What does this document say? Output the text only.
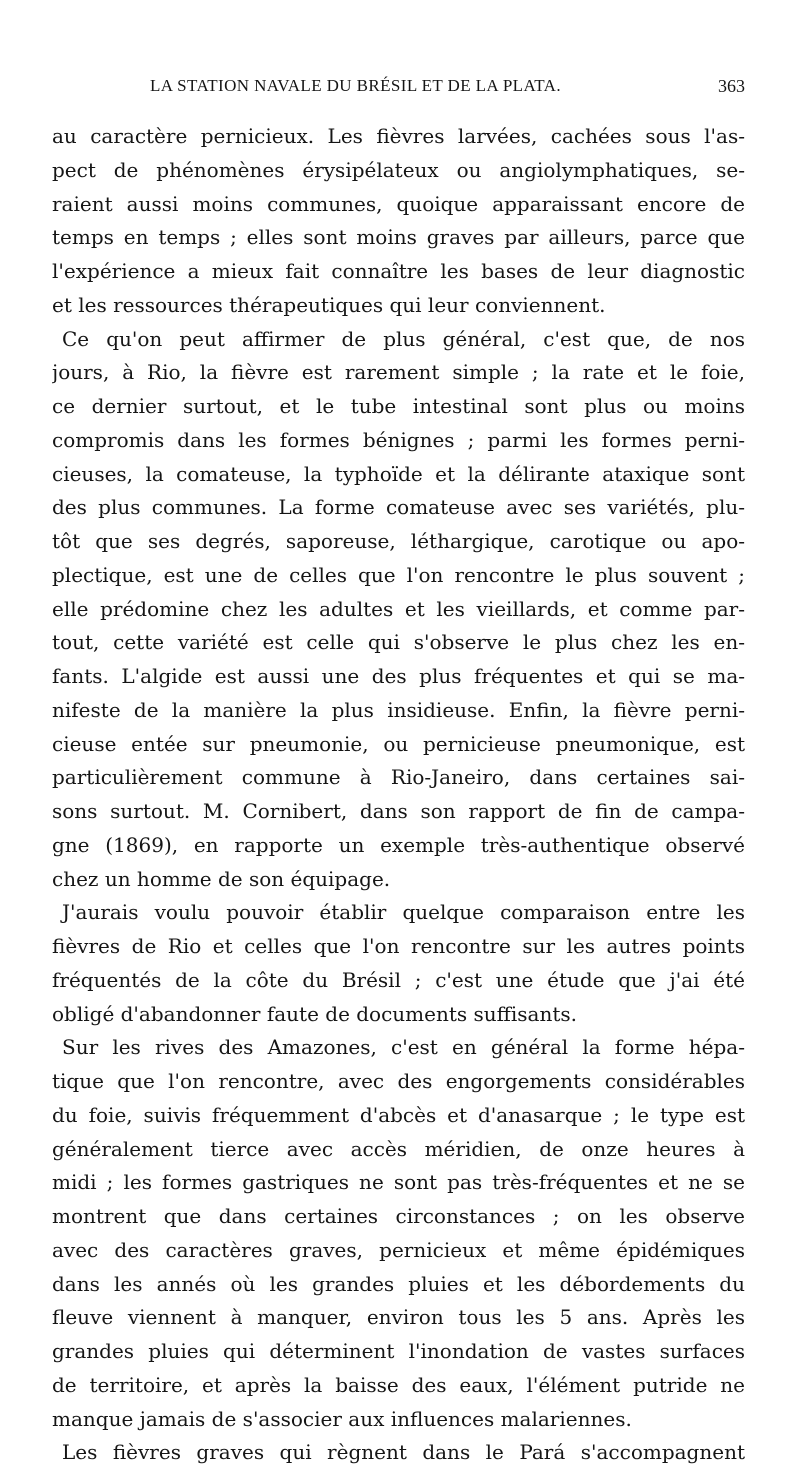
LA STATION NAVALE DU BRÉSIL ET DE LA PLATA.	363
au caractère pernicieux. Les fièvres larvées, cachées sous l'as-
pect de phénomènes érysipélateux ou angiolymphatiques, se-
raient aussi moins communes, quoique apparaissant encore de
temps en temps ; elles sont moins graves par ailleurs, parce que
l'expérience a mieux fait connaître les bases de leur diagnostic
et les ressources thérapeutiques qui leur conviennent.
Ce qu'on peut affirmer de plus général, c'est que, de nos
jours, à Rio, la fièvre est rarement simple ; la rate et le foie,
ce dernier surtout, et le tube intestinal sont plus ou moins
compromis dans les formes bénignes ; parmi les formes perni-
cieuses, la comateuse, la typhoïde et la délirante ataxique sont
des plus communes. La forme comateuse avec ses variétés, plu-
tôt que ses degrés, saporeuse, léthargique, carotique ou apo-
plectique, est une de celles que l'on rencontre le plus souvent ;
elle prédomine chez les adultes et les vieillards, et comme par-
tout, cette variété est celle qui s'observe le plus chez les en-
fants. L'algide est aussi une des plus fréquentes et qui se ma-
nifeste de la manière la plus insidieuse. Enfin, la fièvre perni-
cieuse entée sur pneumonie, ou pernicieuse pneumonique, est
particulièrement commune à Rio-Janeiro, dans certaines sai-
sons surtout. M. Cornibert, dans son rapport de fin de campa-
gne (1869), en rapporte un exemple très-authentique observé
chez un homme de son équipage.
J'aurais voulu pouvoir établir quelque comparaison entre les
fièvres de Rio et celles que l'on rencontre sur les autres points
fréquentés de la côte du Brésil ; c'est une étude que j'ai été
obligé d'abandonner faute de documents suffisants.
Sur les rives des Amazones, c'est en général la forme hépa-
tique que l'on rencontre, avec des engorgements considérables
du foie, suivis fréquemment d'abcès et d'anasarque ; le type est
généralement tierce avec accès méridien, de onze heures à
midi ; les formes gastriques ne sont pas très-fréquentes et ne se
montrent que dans certaines circonstances ; on les observe
avec des caractères graves, pernicieux et même épidémiques
dans les annés où les grandes pluies et les débordements du
fleuve viennent à manquer, environ tous les 5 ans. Après les
grandes pluies qui déterminent l'inondation de vastes surfaces
de territoire, et après la baisse des eaux, l'élément putride ne
manque jamais de s'associer aux influences malariennes.
Les fièvres graves qui règnent dans le Pará s'accompagnent
